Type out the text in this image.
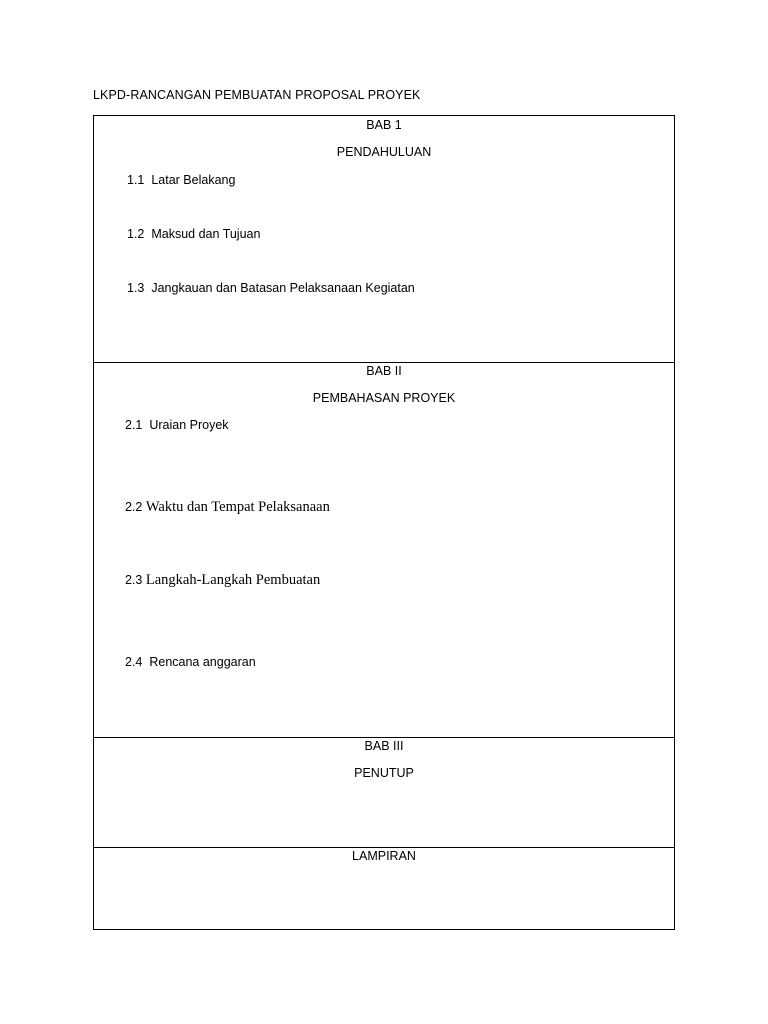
LKPD-RANCANGAN PEMBUATAN PROPOSAL PROYEK
BAB 1
PENDAHULUAN
1.1 Latar Belakang
1.2 Maksud dan Tujuan
1.3 Jangkauan dan Batasan Pelaksanaan Kegiatan
BAB II
PEMBAHASAN PROYEK
2.1 Uraian Proyek
2.2 Waktu dan Tempat Pelaksanaan
2.3 Langkah-Langkah Pembuatan
2.4 Rencana anggaran
BAB III
PENUTUP
LAMPIRAN
